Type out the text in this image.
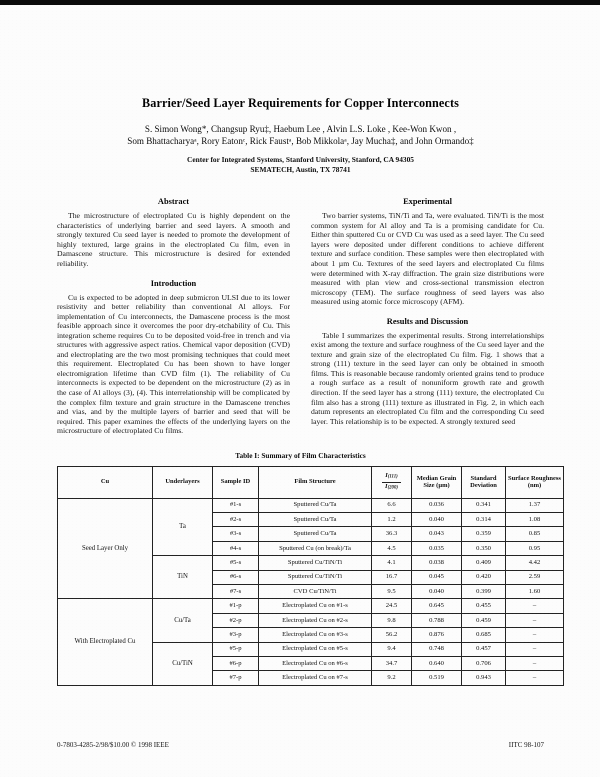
Barrier/Seed Layer Requirements for Copper Interconnects
S. Simon Wong*, Changsup Ryu‡, Haebum Lee , Alvin L.S. Loke , Kee-Won Kwon ,
Som Bhattacharyaᵃ, Rory Eatonᶜ, Rick Faustᵃ, Bob Mikkolaᵃ, Jay Mucha‡, and John Ormando‡
Center for Integrated Systems, Stanford University, Stanford, CA 94305
SEMATECH, Austin, TX 78741
Abstract

The microstructure of electroplated Cu is highly dependent on the characteristics of underlying barrier and seed layers. A smooth and strongly textured Cu seed layer is needed to promote the development of highly textured, large grains in the electroplated Cu film, even in Damascene structure. This microstructure is desired for extended reliability.

Introduction

Cu is expected to be adopted in deep submicron ULSI due to its lower resistivity and better reliability than conventional Al alloys. For implementation of Cu interconnects, the Damascene process is the most feasible approach since it overcomes the poor dry-etchability of Cu. This integration scheme requires Cu to be deposited void-free in trench and via structures with aggressive aspect ratios. Chemical vapor deposition (CVD) and electroplating are the two most promising techniques that could meet this requirement. Electroplated Cu has been shown to have longer electromigration lifetime than CVD film (1). The reliability of Cu interconnects is expected to be dependent on the microstructure (2) as in the case of Al alloys (3), (4). This interrelationship will be complicated by the complex film texture and grain structure in the Damascene trenches and vias, and by the multiple layers of barrier and seed that will be required. This paper examines the effects of the underlying layers on the microstructure of electroplated Cu films.

Experimental

Two barrier systems, TiN/Ti and Ta, were evaluated. TiN/Ti is the most common system for Al alloy and Ta is a promising candidate for Cu. Either thin sputtered Cu or CVD Cu was used as a seed layer. The Cu seed layers were deposited under different conditions to achieve different texture and surface condition. These samples were then electroplated with about 1 µm Cu. Textures of the seed layers and electroplated Cu films were determined with X-ray diffraction. The grain size distributions were measured with plan view and cross-sectional transmission electron microscopy (TEM). The surface roughness of seed layers was also measured using atomic force microscopy (AFM).

Results and Discussion

Table I summarizes the experimental results. Strong interrelationships exist among the texture and surface roughness of the Cu seed layer and the texture and grain size of the electroplated Cu film. Fig. 1 shows that a strong (111) texture in the seed layer can only be obtained in smooth films. This is reasonable because randomly oriented grains tend to produce a rough surface as a result of nonuniform growth rate and growth direction. If the seed layer has a strong (111) texture, the electroplated Cu film also has a strong (111) texture as illustrated in Fig. 2, in which each datum represents an electroplated Cu film and the corresponding Cu seed layer. This relationship is to be expected. A strongly textured seed

Table I: Summary of Film Characteristics
Cu	Underlayers	Sample ID	Film Structure	$\frac{I(111)}{I(200)}$	Median Grain Size (µm)	Standard Deviation	Surface Roughness (nm)
Seed Layer Only	Ta	#1-s	Sputtered Cu/Ta	6.6	0.036	0.341	1.37
		#2-s	Sputtered Cu/Ta	1.2	0.040	0.314	1.08
		#3-s	Sputtered Cu/Ta	36.3	0.043	0.359	0.85
		#4-s	Sputtered Cu (on break)/Ta	4.5	0.035	0.350	0.95
	TiN	#5-s	Sputtered Cu/TiN/Ti	4.1	0.038	0.409	4.42
		#6-s	Sputtered Cu/TiN/Ti	16.7	0.045	0.420	2.59
		#7-s	CVD Cu/TiN/Ti	9.5	0.040	0.399	1.60
With Electroplated Cu	Cu/Ta	#1-p	Electroplated Cu on #1-s	24.5	0.645	0.455	–
		#2-p	Electroplated Cu on #2-s	9.8	0.788	0.459	–
		#3-p	Electroplated Cu on #3-s	56.2	0.876	0.685	–
	Cu/TiN	#5-p	Electroplated Cu on #5-s	9.4	0.748	0.457	–
		#6-p	Electroplated Cu on #6-s	34.7	0.640	0.706	–
		#7-p	Electroplated Cu on #7-s	9.2	0.519	0.943	–
0-7803-4285-2/98/$10.00 © 1998 IEEE	IITC 98-107
